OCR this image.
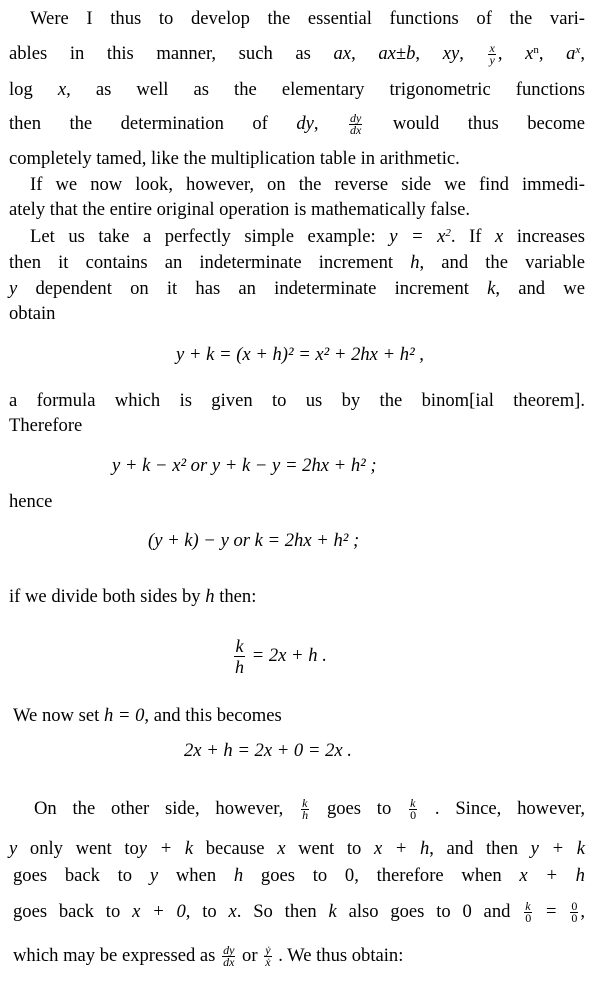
Were I thus to develop the essential functions of the vari-
ables in this manner, such as ax, ax±b, xy, $\frac{x}{y}$ , $x^n$, $a^x$,
log x, as well as the elementary trigonometric functions
then the determination of dy,	$\frac{dy}{dx}$ would thus become
completely tamed, like the multiplication table in arithmetic.
If we now look, however, on the reverse side we find immedi-
ately that the entire original operation is mathematically false.
Let us take a perfectly simple example: $y = x^2$. If x increases
then it contains an indeterminate increment h, and the variable
y dependent on it has an indeterminate increment k, and we
obtain
y + k = (x + h)² = x² + 2hx + h² ,
a formula which is given to us by the binom[ial theorem].
Therefore
y + k − x² or y + k − y = 2hx + h² ;
hence
(y + k) − y or k = 2hx + h² ;
if we divide both sides by h then:
$\frac{k}{h} = 2x + h$ .
We now set h = 0, and this becomes
2x + h = 2x + 0 = 2x .
On the other side, however, $\frac{k}{h}$ goes to $\frac{k}{0}$ . Since, however,
y only went toy + k because x went to x + h, and then y + k
goes back to y when h goes to 0, therefore when x + h
goes back to x + 0, to x. So then k also goes to 0 and $\frac{k}{0} = \frac{0}{0}$ ,
which may be expressed as $\frac{dy}{dx}$ or $\frac{\text{ẏ}}{\text{ẋ}}$ . We thus obtain:
